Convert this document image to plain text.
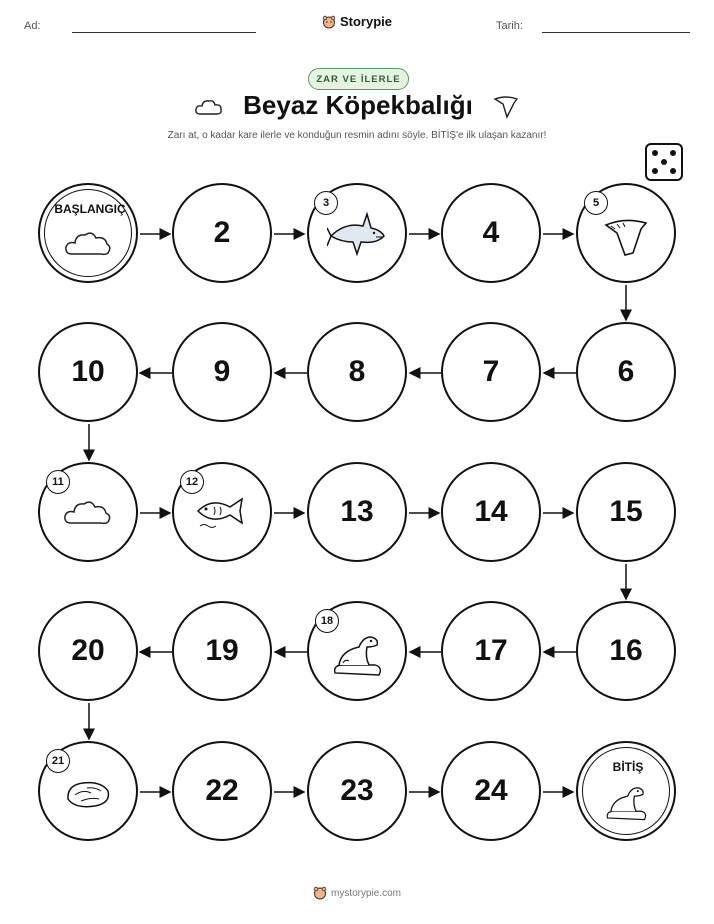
Ad:	Storypie	Tarih:
ZAR VE İLERLE
Beyaz Köpekbalığı
Zarı at, o kadar kare ilerle ve konduğun resmin adını söyle. BİTİŞ'e ilk ulaşan kazanır!
BAŞLANGIÇ
2
3
4
5
10	9	8	7	6
11	12
13	14	15
20	19
18
17	16
21
22	23	24
BİTİŞ
mystorypie.com
